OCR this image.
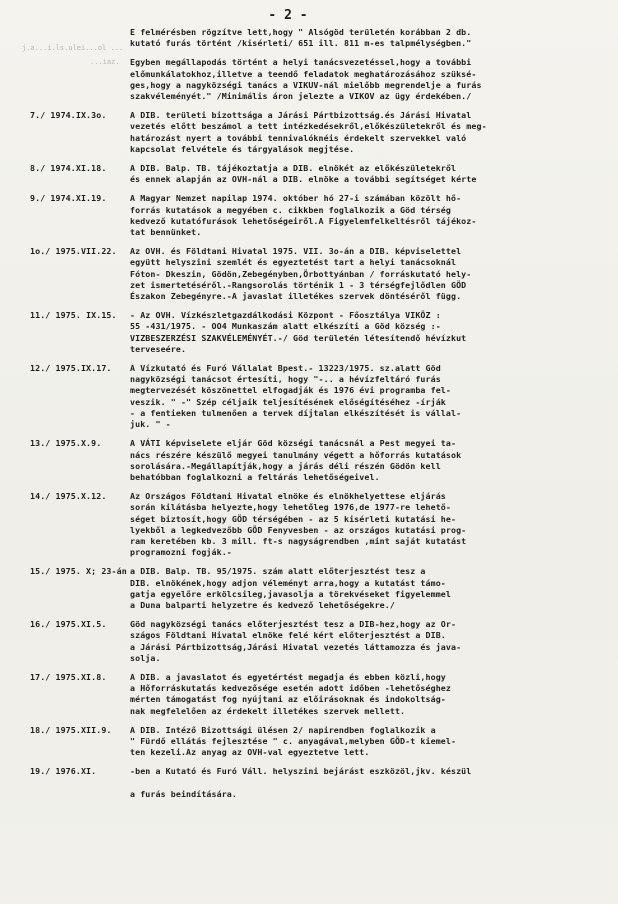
- 2 -
j.a...i.ls.ulei...ol ...
...iaz.
E felmérésben rögzítve lett,hogy " Alsógöd területén korábban 2 db.
kutató furás történt /kisérleti/ 651 ill. 811 m-es talpmélységben."
Egyben megállapodás történt a helyi tanácsvezetéssel,hogy a további
előmunkálatokhoz,illetve a teendő feladatok meghatározásához szüksé-
ges,hogy a nagyközségi tanács a VIKUV-nál mielőbb megrendelje a furás
szakvéleményét." /Minimális áron jelezte a VIKOV az ügy érdekében./
7./ 1974.IX.3o.	A DIB. területi bizottsága a Járási Pártbizottság.és Járási Hivatal
vezetés előtt beszámol a tett intézkedésekről,előkészületekről és meg-
határozást nyert a további tennivalóknéis érdekelt szervekkel való
kapcsolat felvétele és tárgyalások megjtése.
8./ 1974.XI.18.	A DIB. Balp. TB. tájékoztatja a DIB. elnökét az előkészületekről
és ennek alapján az OVH-nál a DIB. elnöke a további segítséget kérte
9./ 1974.XI.19.	A Magyar Nemzet napilap 1974. október hó 27-i számában közölt hő-
forrás kutatások a megyében c. cikkben foglalkozik a Göd térség
kedvező kutatófurások lehetőségeiről.A Figyelemfelkeltésről tájékoz-
tat bennünket.
1o./ 1975.VII.22.	Az OVH. és Földtani Hivatal 1975. VII. 3o-án a DIB. képviselettel
együtt helyszini szemlét és egyeztetést tart a helyi tanácsoknál
Fóton- Dkeszin, Gödön,Zebegényben,Örbottyánban / forráskutató hely-
zet ismertetéséről.-Rangsorolás történik 1 - 3 térségfejlődlen GÖD
Északon Zebegényre.-A javaslat illetékes szervek döntéséről függ.
11./ 1975. IX.15.	- Az OVH. Vízkészletgazdálkodási Központ - Főosztálya VIKÖZ :
55 -431/1975. - OO4 Munkaszám alatt elkészíti a Göd község :-
VIZBESZERZÉSI SZAKVÉLEMÉNYÉT.-/ Göd területén létesítendő hévízkut
terveseére.
12./ 1975.IX.17.	A Vízkutató és Furó Vállalat Bpest.- 13223/1975. sz.alatt Göd
nagyközségi tanácsot értesíti, hogy "-.. a hévízfeltáró furás
megtervezését köszönettel elfogadják és 1976 évi programba fel-
veszik. " -" Szép céljaik teljesítésének előségítéséhez -írják
- a fentieken tulmenően a tervek díjtalan elkészítését is vállal-
juk. " -
13./ 1975.X.9.	A VÁTI képviselete eljár Göd községi tanácsnál a Pest megyei ta-
nács részére készülő megyei tanulmány végett a hőforrás kutatások
sorolására.-Megállapítják,hogy a járás déli részén Gödön kell
behatóbban foglalkozni a feltárás lehetőségeivel.
14./ 1975.X.12.	Az Országos Földtani Hivatal elnöke és elnökhelyettese eljárás
során kilátásba helyezte,hogy lehetőleg 1976,de 1977-re lehető-
séget biztosít,hogy GÖD térségében - az 5 kisérleti kutatási he-
lyekből a legkedvezőbb GÖD Fenyvesben - az országos kutatási prog-
ram keretében kb. 3 mill. ft-s nagyságrendben ,mint saját kutatást
programozni fogják.-
15./ 1975. X; 23-án a DIB. Balp. TB. 95/1975. szám alatt előterjesztést tesz a
DIB. elnökének,hogy adjon véleményt arra,hogy a kutatást támo-
gatja egyelőre erkölcsileg,javasolja a törekvéseket figyelemmel
a Duna balparti helyzetre és kedvező lehetőségekre./
16./ 1975.XI.5.	Göd nagyközségi tanács előterjesztést tesz a DIB-hez,hogy az Or-
szágos Földtani Hivatal elnöke felé kért előterjesztést a DIB.
a Járási Pártbizottság,Járási Hivatal vezetés láttamozza és java-
solja.
17./ 1975.XI.8.	A DIB. a javaslatot és egyetértést megadja és ebben közli,hogy
a Hőforráskutatás kedvezősége esetén adott időben -lehetőséghez
mérten támogatást fog nyújtani az előirásoknak és indokoltság-
nak megfelelően az érdekelt illetékes szervek mellett.
18./ 1975.XII.9.	A DIB. Intéző Bizottsági ülésen 2/ napirendben foglalkozik a
" Fürdő ellátás fejlesztése " c. anyagával,melyben GÖD-t kiemel-
ten kezeli.Az anyag az OVH-val egyeztetve lett.
19./ 1976.XI.	-ben a Kutató és Furó Váll. helyszini bejárást eszközöl,jkv. készül

a furás beindítására.
